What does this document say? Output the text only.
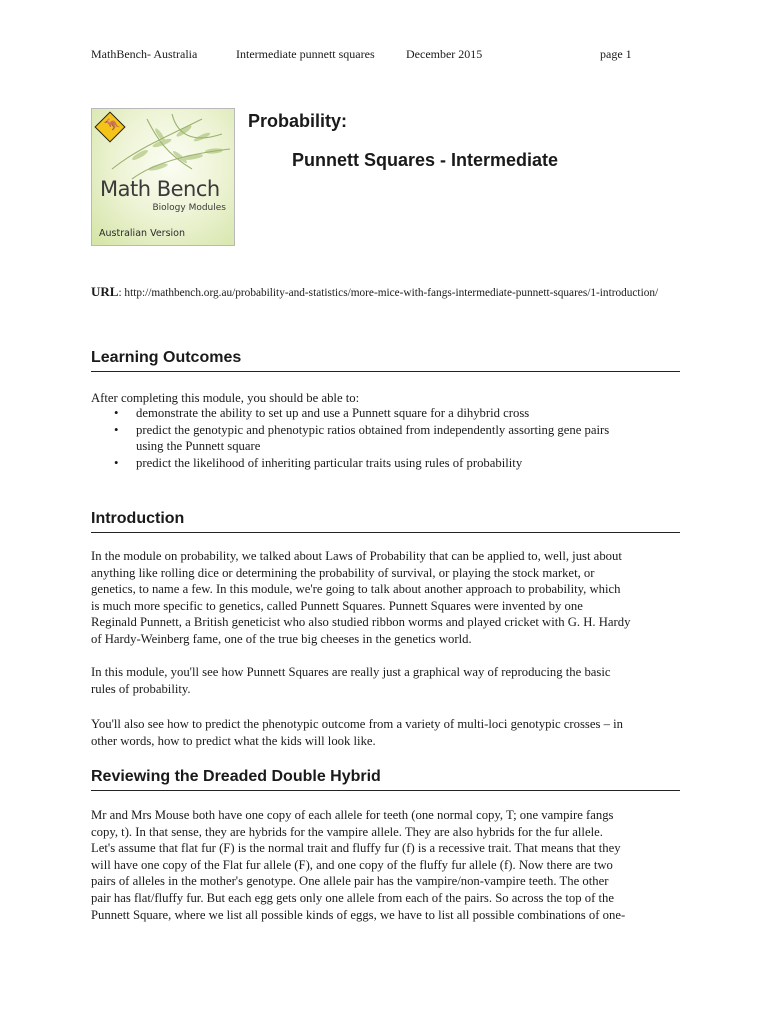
MathBench- Australia	Intermediate punnett squares	December 2015	page 1
🦘
Math Bench
Biology Modules
Australian Version
Probability:
Punnett Squares - Intermediate
URL: http://mathbench.org.au/probability-and-statistics/more-mice-with-fangs-intermediate-punnett-squares/1-introduction/
Learning Outcomes
After completing this module, you should be able to:
• demonstrate the ability to set up and use a Punnett square for a dihybrid cross
• predict the genotypic and phenotypic ratios obtained from independently assorting gene pairs
using the Punnett square
• predict the likelihood of inheriting particular traits using rules of probability
Introduction
In the module on probability, we talked about Laws of Probability that can be applied to, well, just about
anything like rolling dice or determining the probability of survival, or playing the stock market, or
genetics, to name a few. In this module, we're going to talk about another approach to probability, which
is much more specific to genetics, called Punnett Squares. Punnett Squares were invented by one
Reginald Punnett, a British geneticist who also studied ribbon worms and played cricket with G. H. Hardy
of Hardy-Weinberg fame, one of the true big cheeses in the genetics world.
In this module, you'll see how Punnett Squares are really just a graphical way of reproducing the basic
rules of probability.
You'll also see how to predict the phenotypic outcome from a variety of multi-loci genotypic crosses – in
other words, how to predict what the kids will look like.
Reviewing the Dreaded Double Hybrid
Mr and Mrs Mouse both have one copy of each allele for teeth (one normal copy, T; one vampire fangs
copy, t). In that sense, they are hybrids for the vampire allele. They are also hybrids for the fur allele.
Let's assume that flat fur (F) is the normal trait and fluffy fur (f) is a recessive trait. That means that they
will have one copy of the Flat fur allele (F), and one copy of the fluffy fur allele (f). Now there are two
pairs of alleles in the mother's genotype. One allele pair has the vampire/non-vampire teeth. The other
pair has flat/fluffy fur. But each egg gets only one allele from each of the pairs. So across the top of the
Punnett Square, where we list all possible kinds of eggs, we have to list all possible combinations of one-
